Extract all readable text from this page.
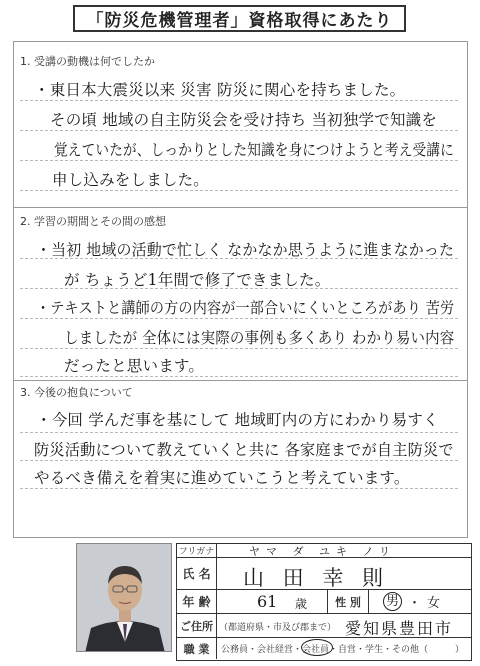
「防災危機管理者」資格取得にあたり
1. 受講の動機は何でしたか
・東日本大震災以来 災害 防災に関心を持ちました。
その頃 地域の自主防災会を受け持ち 当初独学で知識を
覚えていたが、しっかりとした知識を身につけようと考え受講に
申し込みをしました。
2. 学習の期間とその間の感想
・当初 地域の活動で忙しく なかなか思うように進まなかった
が ちょうど1年間で修了できました。
・テキストと講師の方の内容が一部合いにくいところがあり 苦労
しましたが 全体には実際の事例も多くあり わかり易い内容
だったと思います。
3. 今後の抱負について
・今回 学んだ事を基にして 地域町内の方にわかり易すく
防災活動について教えていくと共に 各家庭までが自主防災で
やるべき備えを着実に進めていこうと考えています。
フリガナ	ヤマ ダ ユキ ノリ
氏 名	山 田 幸 則
年 齢	61 歳	性 別	男 ・ 女
ご住所 （都道府県・市及び郡まで） 愛知県豊田市
職 業	公務員・会社経営・会社員・自営・学生・その他（　　　）
